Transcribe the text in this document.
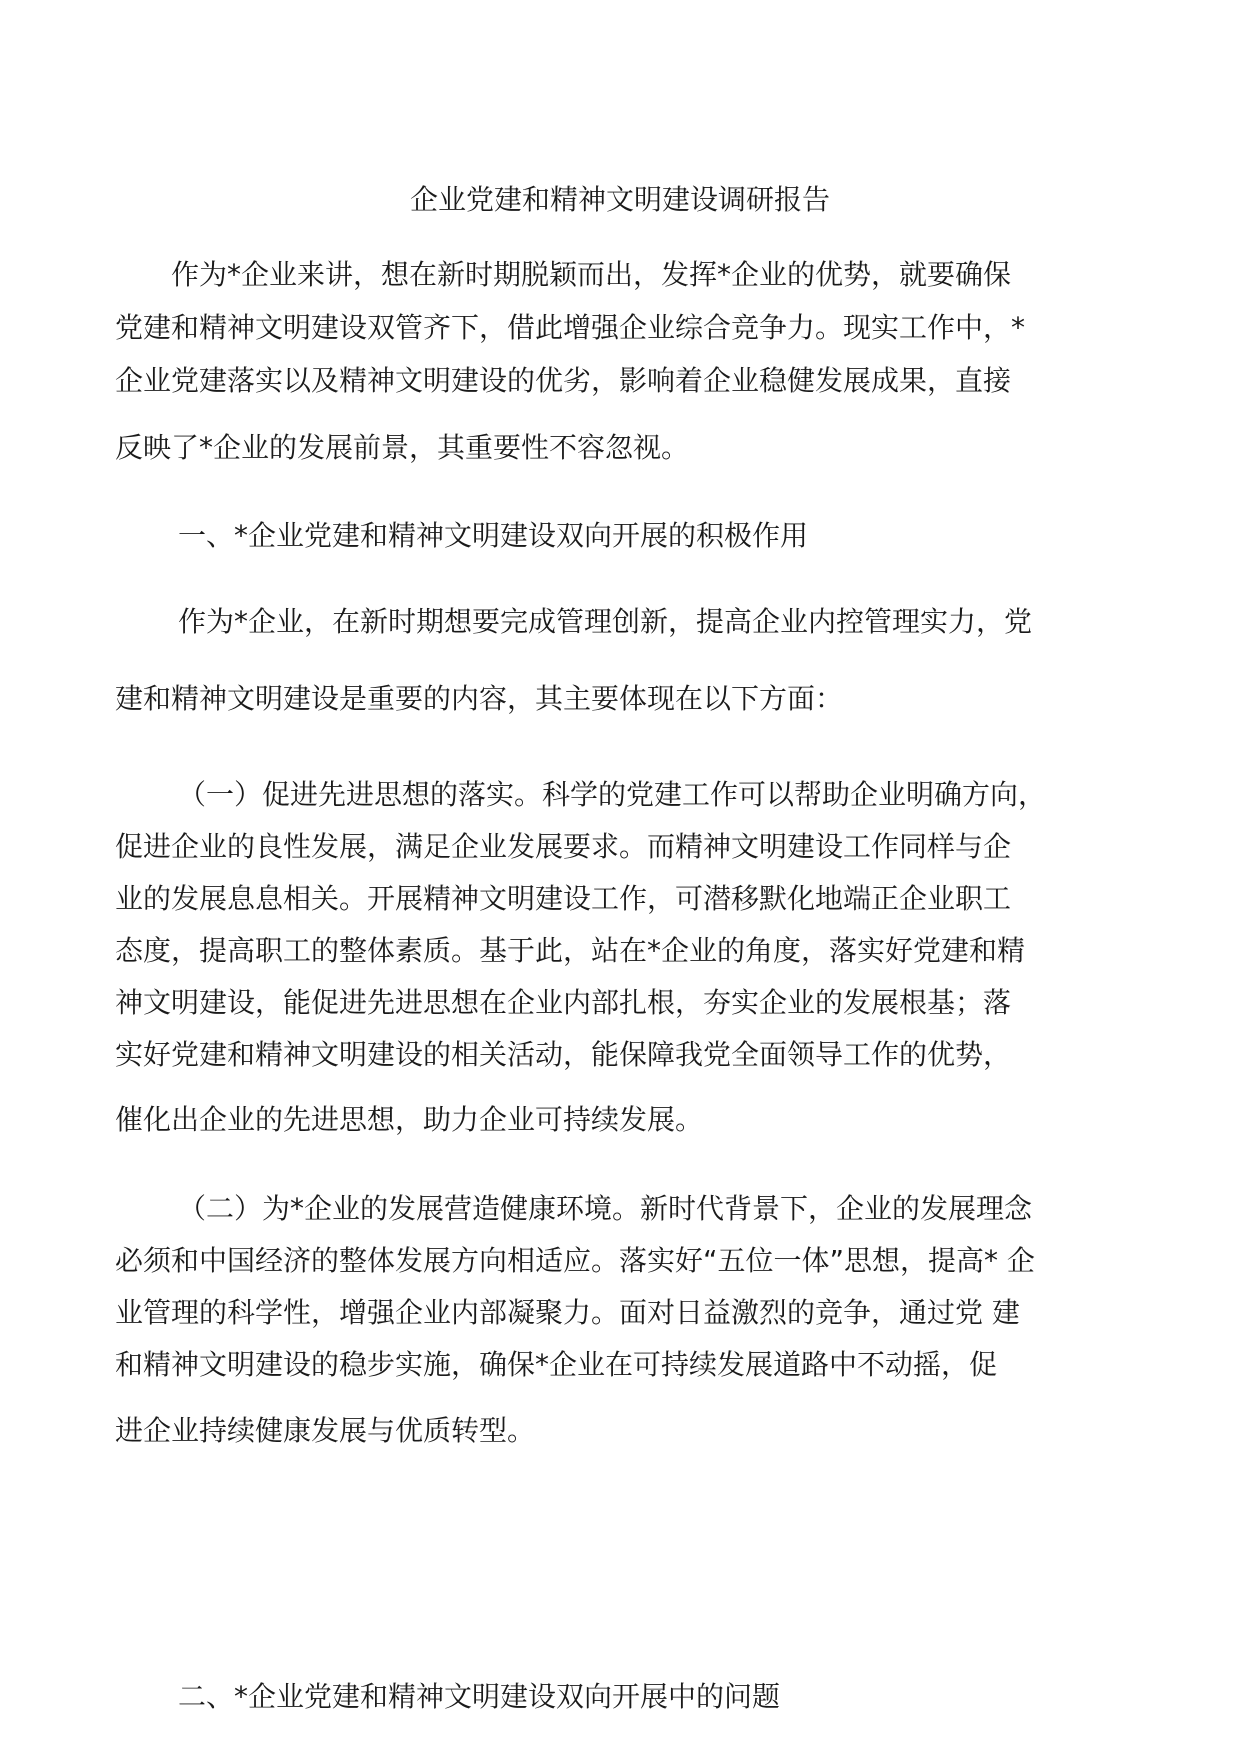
企业党建和精神文明建设调研报告
作为*企业来讲，想在新时期脱颖而出，发挥*企业的优势，就要确保
党建和精神文明建设双管齐下，借此增强企业综合竞争力。现实工作中，*
企业党建落实以及精神文明建设的优劣，影响着企业稳健发展成果，直接
反映了*企业的发展前景，其重要性不容忽视。
一、*企业党建和精神文明建设双向开展的积极作用
作为*企业，在新时期想要完成管理创新，提高企业内控管理实力，党
建和精神文明建设是重要的内容，其主要体现在以下方面：
（一）促进先进思想的落实。科学的党建工作可以帮助企业明确方向，
促进企业的良性发展，满足企业发展要求。而精神文明建设工作同样与企
业的发展息息相关。开展精神文明建设工作，可潜移默化地端正企业职工
态度，提高职工的整体素质。基于此，站在*企业的角度，落实好党建和精
神文明建设，能促进先进思想在企业内部扎根，夯实企业的发展根基；落
实好党建和精神文明建设的相关活动，能保障我党全面领导工作的优势，
催化出企业的先进思想，助力企业可持续发展。
（二）为*企业的发展营造健康环境。新时代背景下，企业的发展理念
必须和中国经济的整体发展方向相适应。落实好“五位一体”思想，提高* 企
业管理的科学性，增强企业内部凝聚力。面对日益激烈的竞争，通过党 建
和精神文明建设的稳步实施，确保*企业在可持续发展道路中不动摇，促
进企业持续健康发展与优质转型。
二、*企业党建和精神文明建设双向开展中的问题
